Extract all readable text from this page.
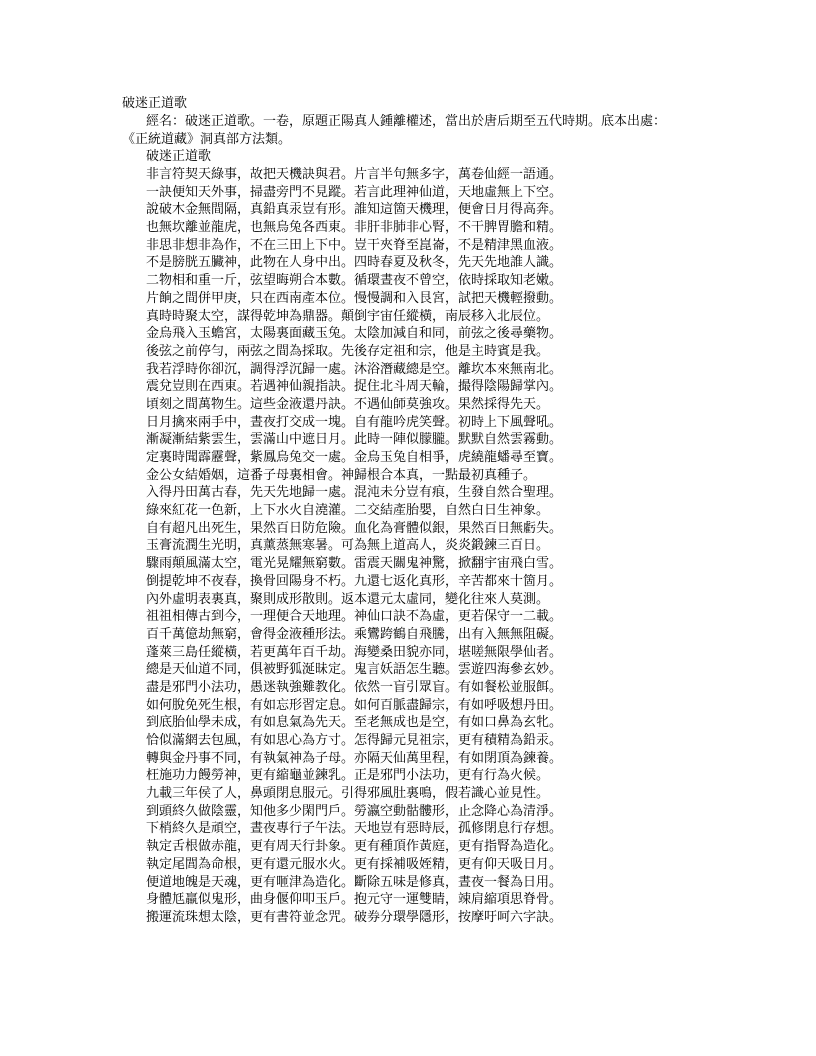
破迷正道歌
經名：破迷正道歌。一卷，原題正陽真人鍾離權述，當出於唐后期至五代時期。底本出處：
《正統道藏》洞真部方法類。
破迷正道歌
非言符契天綠事，故把天機訣與君。片言半句無多字，萬卷仙經一語通。
一訣便知天外事，掃盡旁門不見蹤。若言此理神仙道，天地虛無上下空。
說破木金無間隔，真鉛真汞豈有形。誰知這箇天機理，便會日月得高奔。
也無坎離並龍虎，也無烏兔各西東。非肝非肺非心腎，不干脾胃膽和精。
非思非想非為作，不在三田上下中。豈干夾脊至崑崙，不是精津黑血液。
不是膀胱五臟神，此物在人身中出。四時春夏及秋冬，先天先地誰人識。
二物相和重一斤，弦望晦朔合本數。循環晝夜不曾空，依時採取知老嫩。
片餉之間併甲庚，只在西南產本位。慢慢調和入艮宮，試把天機輕撥動。
真時時聚太空，謀得乾坤為鼎器。顛倒宇宙任縱橫，南辰移入北辰位。
金烏飛入玉蟾宮，太陽裏面藏玉兔。太陰加減自和同，前弦之後尋藥物。
後弦之前停勻，兩弦之間為採取。先後存定祖和宗，他是主時賓是我。
我若浮時你卻沉，調得浮沉歸一處。沐浴潛藏總是空。離坎本來無南北。
震兌豈則在西東。若遇神仙親指訣。捉住北斗周天輪，撮得陰陽歸掌內。
頃刻之間萬物生。這些金液還丹訣。不遇仙師莫強攻。果然採得先天。
日月擒來兩手中，晝夜打交成一塊。自有龍吟虎笑聲。初時上下風聲吼。
漸凝漸結紫雲生，雲滿山中遮日月。此時一陣似朦朧。默默自然雲霧動。
定裏時聞霹靂聲，紫鳳烏兔交一處。金烏玉兔自相爭，虎繞龍蟠尋至寶。
金公女結婚姻，這番子母裏相會。神歸根合本真，一點最初真種子。
入得丹田萬古春，先天先地歸一處。混沌未分豈有痕，生發自然合聖理。
綠來紅花一色新，上下水火自澆灌。二交結產胎嬰，自然白日生神象。
自有超凡出死生，果然百日防危險。血化為膏體似銀，果然百日無虧失。
玉膏流潤生光明，真薰蒸無寒暑。可為無上道高人，炎炎鍛鍊三百日。
驟雨顛風滿太空，電光晃耀無窮數。雷震天關鬼神驚，掀翻宇宙飛白雪。
倒提乾坤不夜春，換骨回陽身不朽。九還七返化真形，辛苦都來十箇月。
內外虛明表裏真，聚則成形散則。返本還元太虛同，變化往來人莫測。
祖祖相傳古到今，一理便合天地理。神仙口訣不為虛，更若保守一二載。
百千萬億劫無窮，會得金液種形法。乘鸞跨鶴自飛騰，出有入無無阻礙。
蓬萊三島任縱橫，若更萬年百千劫。海變桑田貌亦同，堪嗟無限學仙者。
總是天仙道不同，俱被野狐涎昧定。鬼言妖語怎生聽。雲遊四海參玄妙。
盡是邪門小法功，愚迷執強難教化。依然一盲引眾盲。有如餐松並服餌。
如何脫免死生根，有如忘形習定息。如何百脈盡歸宗，有如呼吸想丹田。
到底胎仙學未成，有如息氣為先天。至老無成也是空，有如口鼻為玄牝。
恰似滿網去包風，有如思心為方寸。怎得歸元見祖宗，更有積精為鉛汞。
轉與金丹事不同，有執氣神為子母。亦隔天仙萬里程，有如閉頂為鍊養。
枉施功力饅勞神，更有縮龜並鍊乳。正是邪門小法功，更有行為火候。
九載三年侯了人，鼻頭閉息服元。引得邪風肚裏鳴，假若識心並見性。
到頭終久做陰靈，知他多少閑門戶。勞瀛空動骷髏形，止念降心為清淨。
下梢終久是頑空，晝夜專行子午法。天地豈有惡時辰，孤修閉息行存想。
執定舌根做赤龍，更有周天行卦象。更有種頂作黃庭，更有指腎為造化。
執定尾閭為命根，更有還元服水火。更有採補吸姪精，更有仰天吸日月。
便道地魄是天魂，更有咂津為造化。斷除五味是修真，晝夜一餐為日用。
身體尪羸似鬼形，曲身偃仰叩玉戶。抱元守一運雙睛，竦肩縮項思脊骨。
搬運流珠想太陰，更有書符並念咒。破券分環學隱形，按摩吁呵六字訣。
